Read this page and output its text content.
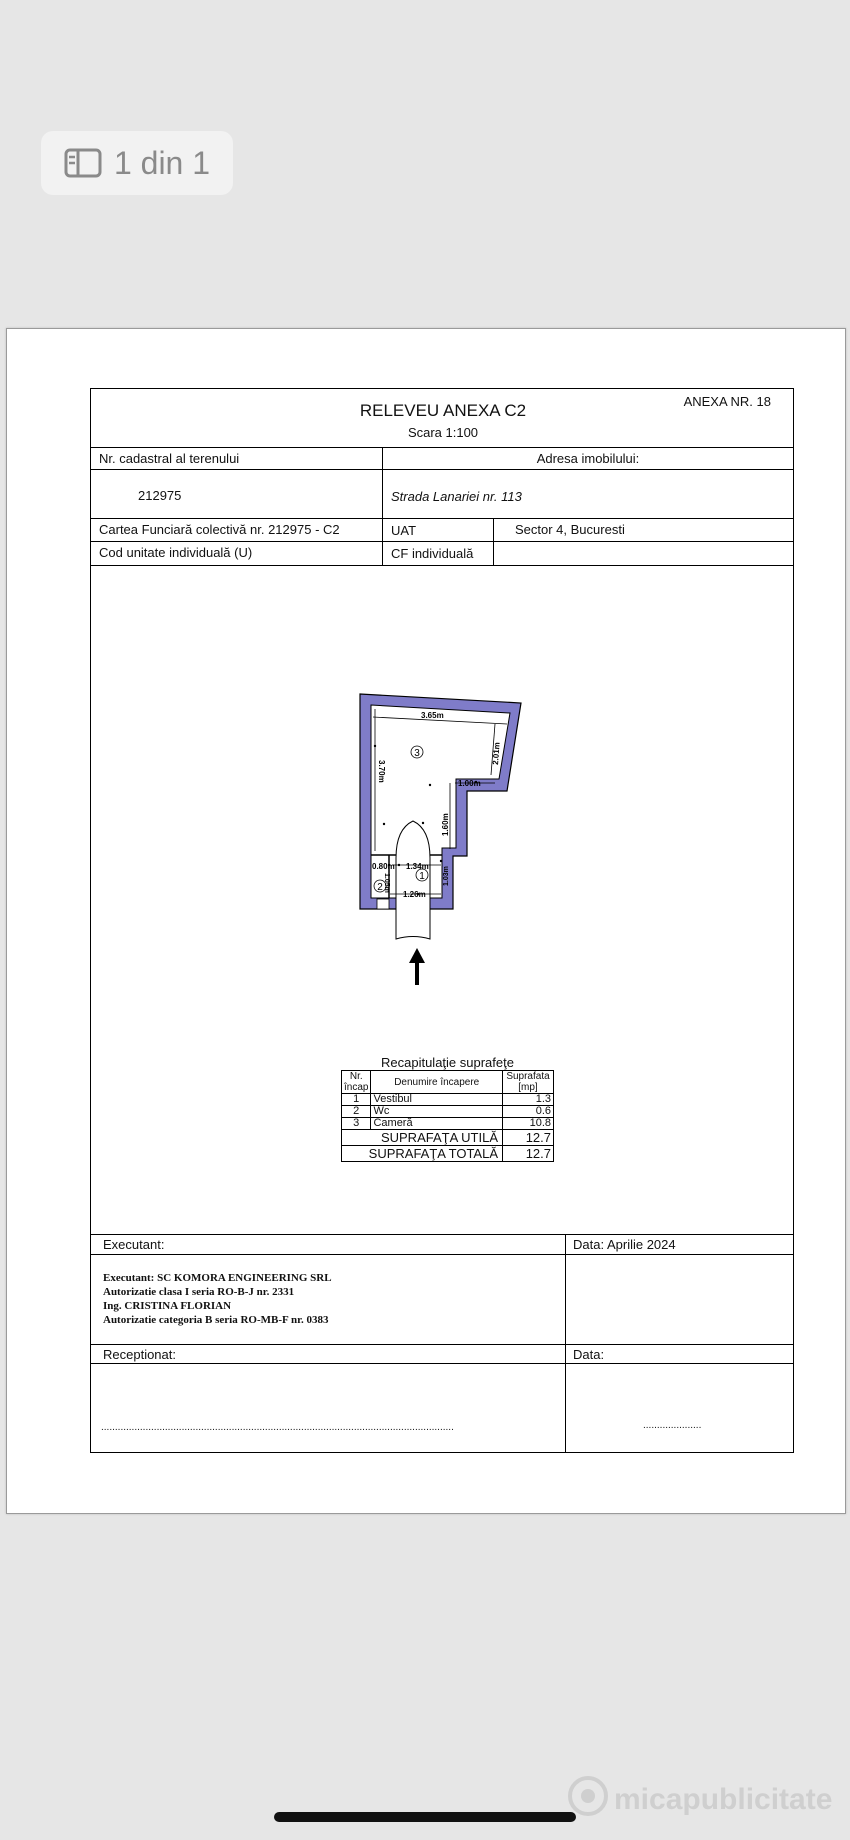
1 din 1
ANEXA NR. 18
RELEVEU ANEXA C2
Scara 1:100
Nr. cadastral al terenului	Adresa imobilului:
212975	Strada Lanariei nr. 113
Cartea Funciară colectivă nr. 212975 - C2	UAT	Sector 4, Bucuresti
Cod unitate individuală (U)	CF individuală
3.65m
2.01m
1.00m
3.70m
1.60m
1.34m
0.80m
1.05m	1.03m
1.26m
1
2
3
Recapitulaţie suprafeţe
Nr. încap	Denumire încapere	Suprafata [mp]
1	Vestibul	1.3
2	Wc	0.6
3	Cameră	10.8
SUPRAFAŢA UTILĂ		12.7
SUPRAFAŢA TOTALĂ		12.7
Executant:	Data: Aprilie 2024
Executant: SC KOMORA ENGINEERING SRL
Autorizatie clasa I seria RO-B-J nr. 2331
Ing. CRISTINA FLORIAN
Autorizatie categoria B seria RO-MB-F nr. 0383
Receptionat:	Data:
...............................................................................................................................	.....................
micapublicitate
